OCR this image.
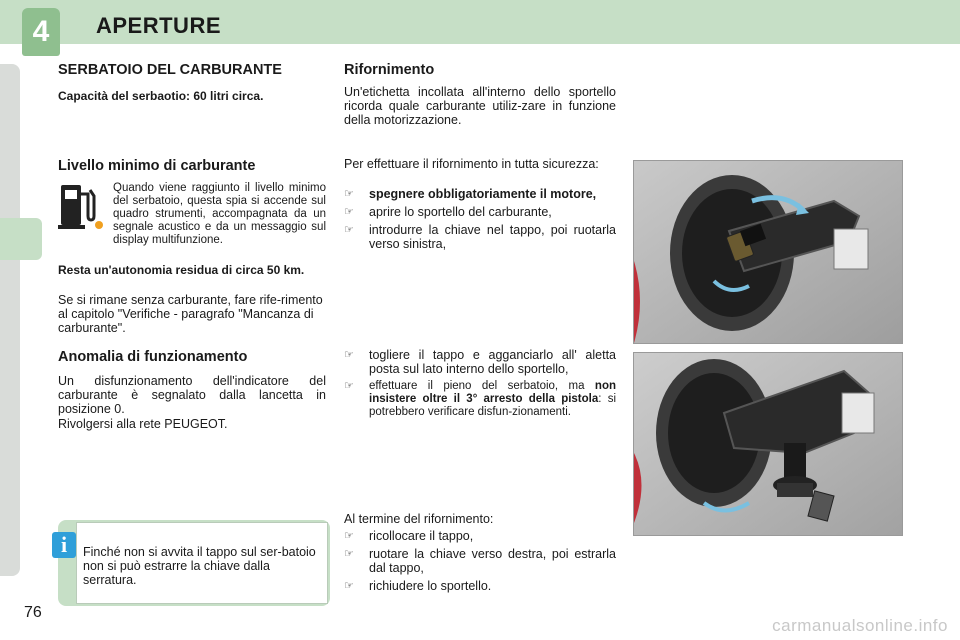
4	APERTURE
76
SERBATOIO DEL CARBURANTE

Capacità del serbaotio: 60 litri circa.

Livello minimo di carburante

Quando viene raggiunto il livello minimo del serbatoio, questa spia si accende sul quadro strumenti, accompagnata da un segnale acustico e da un messaggio sul display multifunzione.

Resta un'autonomia residua di circa 50 km.

Se si rimane senza carburante, fare rife-rimento al capitolo "Verifiche - paragrafo "Mancanza di carburante".

Anomalia di funzionamento

Un disfunzionamento dell'indicatore del carburante è segnalato dalla lancetta in posizione 0.

Rivolgersi alla rete PEUGEOT.

i	Finché non si avvita il tappo sul ser-batoio non si può estrarre la chiave dalla serratura.

Rifornimento

Un'etichetta incollata all'interno dello sportello ricorda quale carburante utiliz-zare in funzione della motorizzazione.

Per effettuare il rifornimento in tutta sicurezza:

☞ spegnere obbligatoriamente il motore,
☞ aprire lo sportello del carburante,
☞ introdurre la chiave nel tappo, poi ruotarla verso sinistra,
☞ togliere il tappo e agganciarlo all' aletta posta sul lato interno dello sportello,
☞ effettuare il pieno del serbatoio, ma non insistere oltre il 3° arresto della pistola: si potrebbero verificare disfun-zionamenti.

Al termine del rifornimento:

☞ ricollocare il tappo,
☞ ruotare la chiave verso destra, poi estrarla dal tappo,
☞ richiudere lo sportello.
carmanualsonline.info
